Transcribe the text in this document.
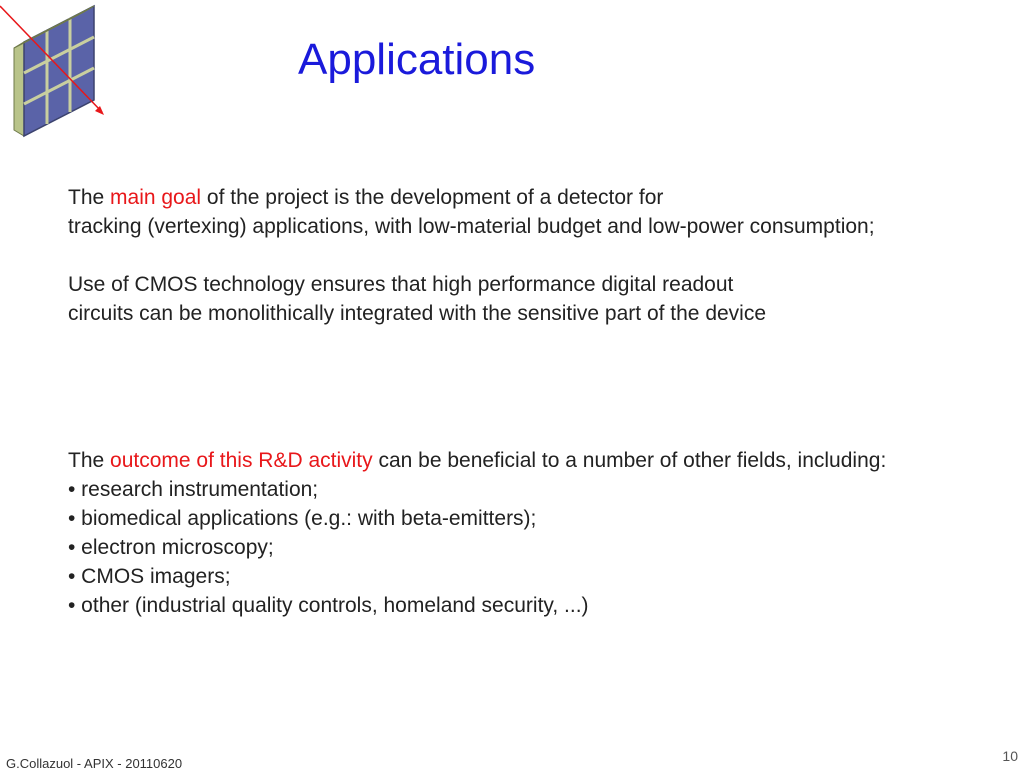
Applications

The main goal of the project is the development of a detector for
tracking (vertexing) applications, with low-material budget and low-power consumption;

Use of CMOS technology ensures that high performance digital readout
circuits can be monolithically integrated with the sensitive part of the device

The outcome of this R&D activity can be beneficial to a number of other fields, including:
• research instrumentation;
• biomedical applications (e.g.: with beta-emitters);
• electron microscopy;
• CMOS imagers;
• other (industrial quality controls, homeland security, ...)
G.Collazuol - APIX - 20110620	10
